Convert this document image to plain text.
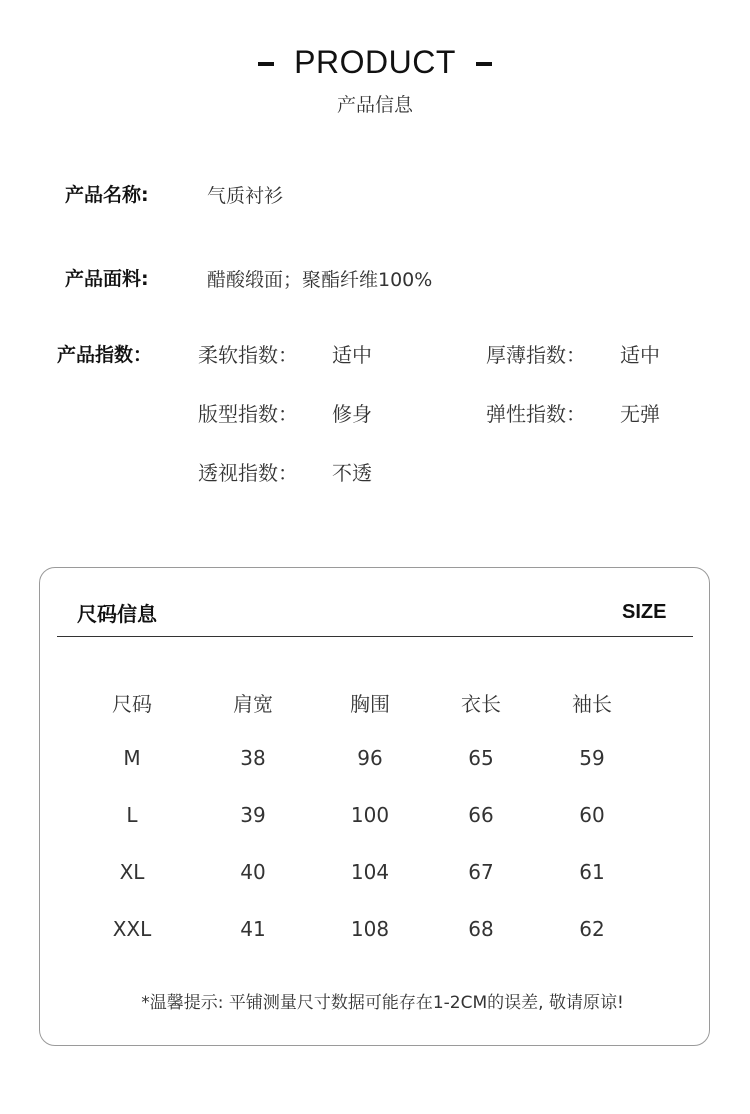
PRODUCT
产品信息
产品名称:	气质衬衫
产品面料:	醋酸缎面；聚酯纤维100%
产品指数： 柔软指数： 适中	厚薄指数： 适中
版型指数： 修身	弹性指数： 无弹
透视指数： 不透
尺码信息	SIZE
尺码	肩宽	胸围	衣长	袖长
M	38	96	65	59
L	39	100	66	60
XL	40	104	67	61
XXL	41	108	68	62
*温馨提示: 平铺测量尺寸数据可能存在1-2CM的误差, 敬请原谅!
